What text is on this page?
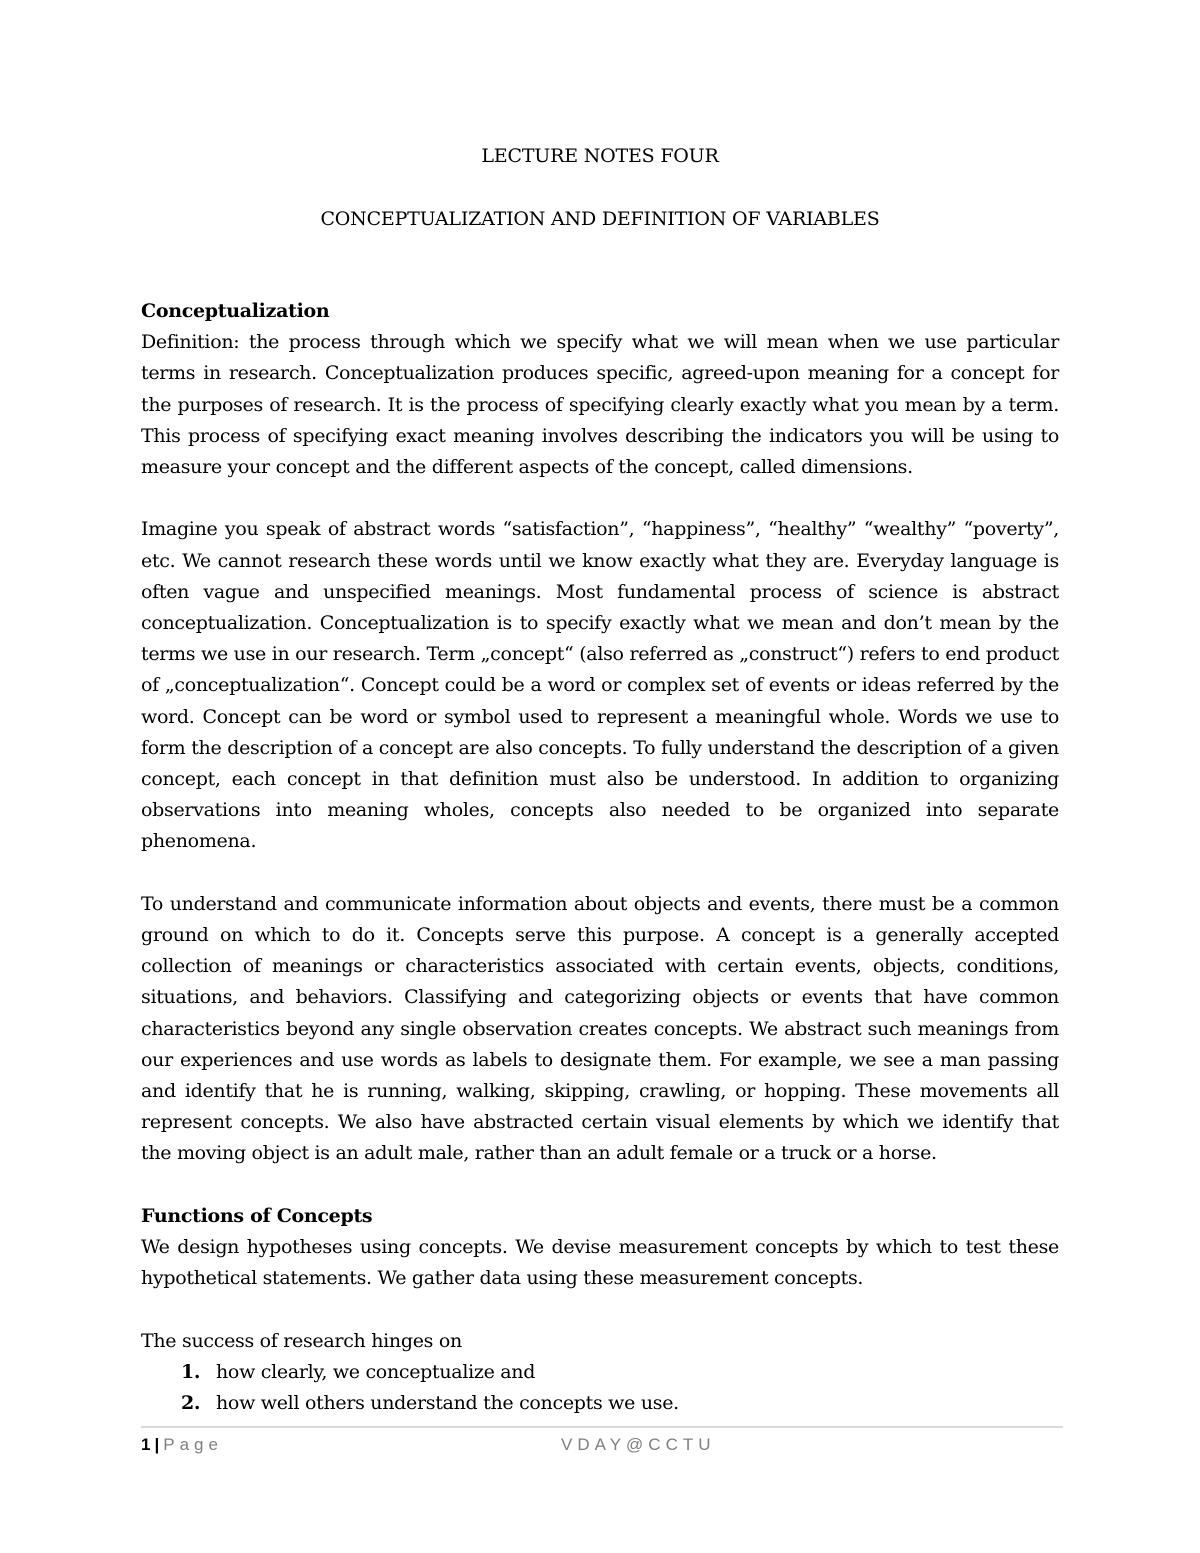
LECTURE NOTES FOUR
CONCEPTUALIZATION AND DEFINITION OF VARIABLES

Conceptualization

Definition: the process through which we specify what we will mean when we use particular terms in research. Conceptualization produces specific, agreed-upon meaning for a concept for the purposes of research. It is the process of specifying clearly exactly what you mean by a term. This process of specifying exact meaning involves describing the indicators you will be using to measure your concept and the different aspects of the concept, called dimensions.

Imagine you speak of abstract words “satisfaction”, “happiness”, “healthy” “wealthy” “poverty”, etc. We cannot research these words until we know exactly what they are. Everyday language is often vague and unspecified meanings. Most fundamental process of science is abstract conceptualization. Conceptualization is to specify exactly what we mean and don’t mean by the terms we use in our research. Term „concept“ (also referred as „construct“) refers to end product of „conceptualization“. Concept could be a word or complex set of events or ideas referred by the word. Concept can be word or symbol used to represent a meaningful whole. Words we use to form the description of a concept are also concepts. To fully understand the description of a given concept, each concept in that definition must also be understood. In addition to organizing observations into meaning wholes, concepts also needed to be organized into separate phenomena.

To understand and communicate information about objects and events, there must be a common ground on which to do it. Concepts serve this purpose. A concept is a generally accepted collection of meanings or characteristics associated with certain events, objects, conditions, situations, and behaviors. Classifying and categorizing objects or events that have common characteristics beyond any single observation creates concepts. We abstract such meanings from our experiences and use words as labels to designate them. For example, we see a man passing and identify that he is running, walking, skipping, crawling, or hopping. These movements all represent concepts. We also have abstracted certain visual elements by which we identify that the moving object is an adult male, rather than an adult female or a truck or a horse.

Functions of Concepts

We design hypotheses using concepts. We devise measurement concepts by which to test these hypothetical statements. We gather data using these measurement concepts.

The success of research hinges on

1. how clearly, we conceptualize and
2. how well others understand the concepts we use.
1 | Page	VDAY@CCTU
